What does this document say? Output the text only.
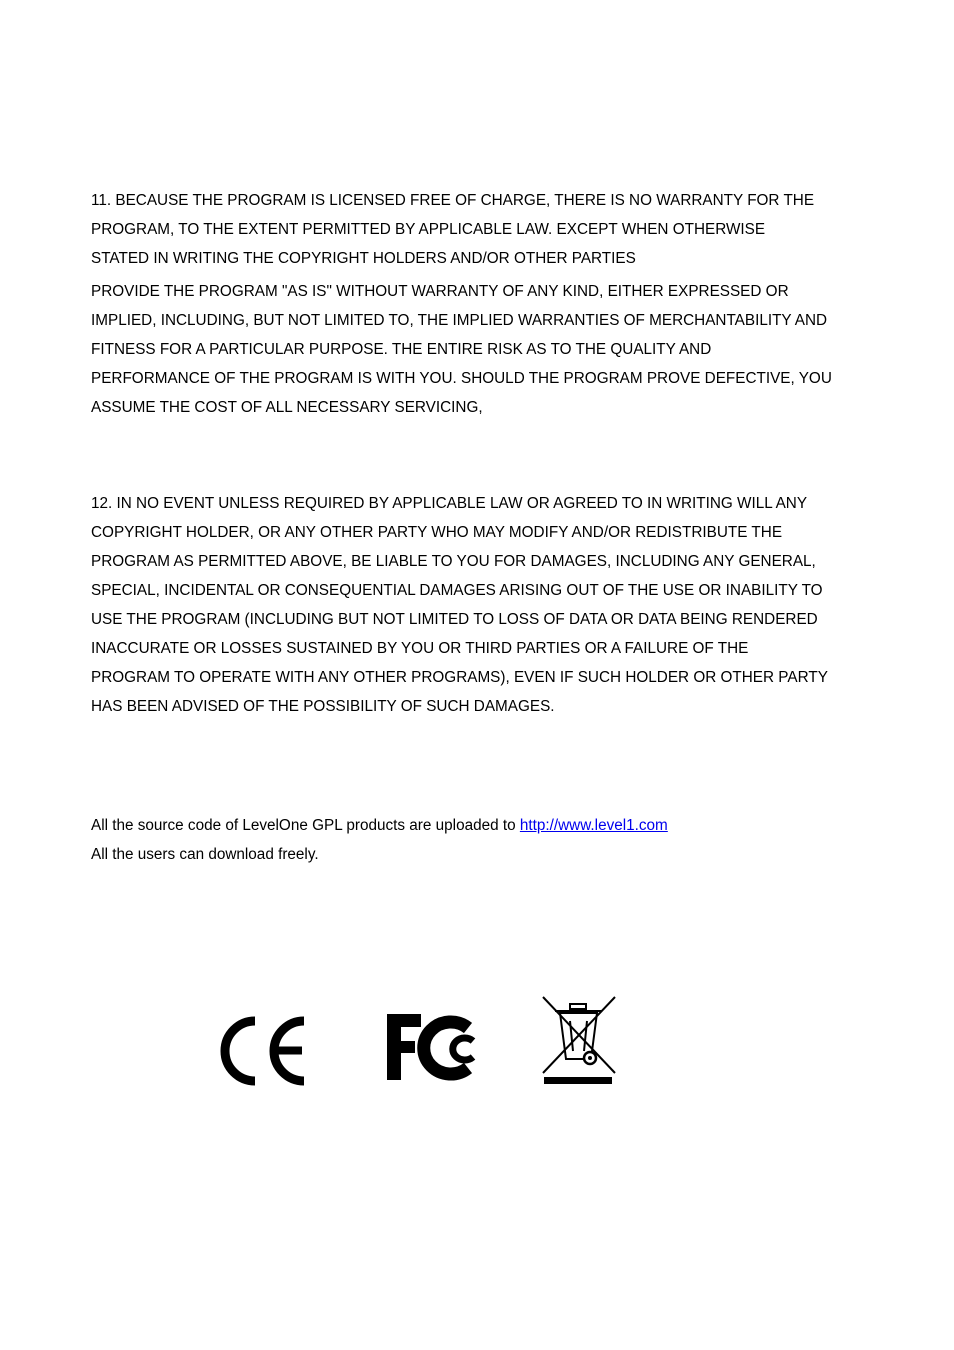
11. BECAUSE THE PROGRAM IS LICENSED FREE OF CHARGE, THERE IS NO WARRANTY FOR THE
PROGRAM, TO THE EXTENT PERMITTED BY APPLICABLE LAW. EXCEPT WHEN OTHERWISE
STATED IN WRITING THE COPYRIGHT HOLDERS AND/OR OTHER PARTIES

PROVIDE THE PROGRAM "AS IS" WITHOUT WARRANTY OF ANY KIND, EITHER EXPRESSED OR
IMPLIED, INCLUDING, BUT NOT LIMITED TO, THE IMPLIED WARRANTIES OF MERCHANTABILITY AND
FITNESS FOR A PARTICULAR PURPOSE. THE ENTIRE RISK AS TO THE QUALITY AND
PERFORMANCE OF THE PROGRAM IS WITH YOU. SHOULD THE PROGRAM PROVE DEFECTIVE, YOU
ASSUME THE COST OF ALL NECESSARY SERVICING,

12. IN NO EVENT UNLESS REQUIRED BY APPLICABLE LAW OR AGREED TO IN WRITING WILL ANY
COPYRIGHT HOLDER, OR ANY OTHER PARTY WHO MAY MODIFY AND/OR REDISTRIBUTE THE
PROGRAM AS PERMITTED ABOVE, BE LIABLE TO YOU FOR DAMAGES, INCLUDING ANY GENERAL,
SPECIAL, INCIDENTAL OR CONSEQUENTIAL DAMAGES ARISING OUT OF THE USE OR INABILITY TO
USE THE PROGRAM (INCLUDING BUT NOT LIMITED TO LOSS OF DATA OR DATA BEING RENDERED
INACCURATE OR LOSSES SUSTAINED BY YOU OR THIRD PARTIES OR A FAILURE OF THE
PROGRAM TO OPERATE WITH ANY OTHER PROGRAMS), EVEN IF SUCH HOLDER OR OTHER PARTY
HAS BEEN ADVISED OF THE POSSIBILITY OF SUCH DAMAGES.

All the source code of LevelOne GPL products are uploaded to http://www.level1.com
All the users can download freely.
